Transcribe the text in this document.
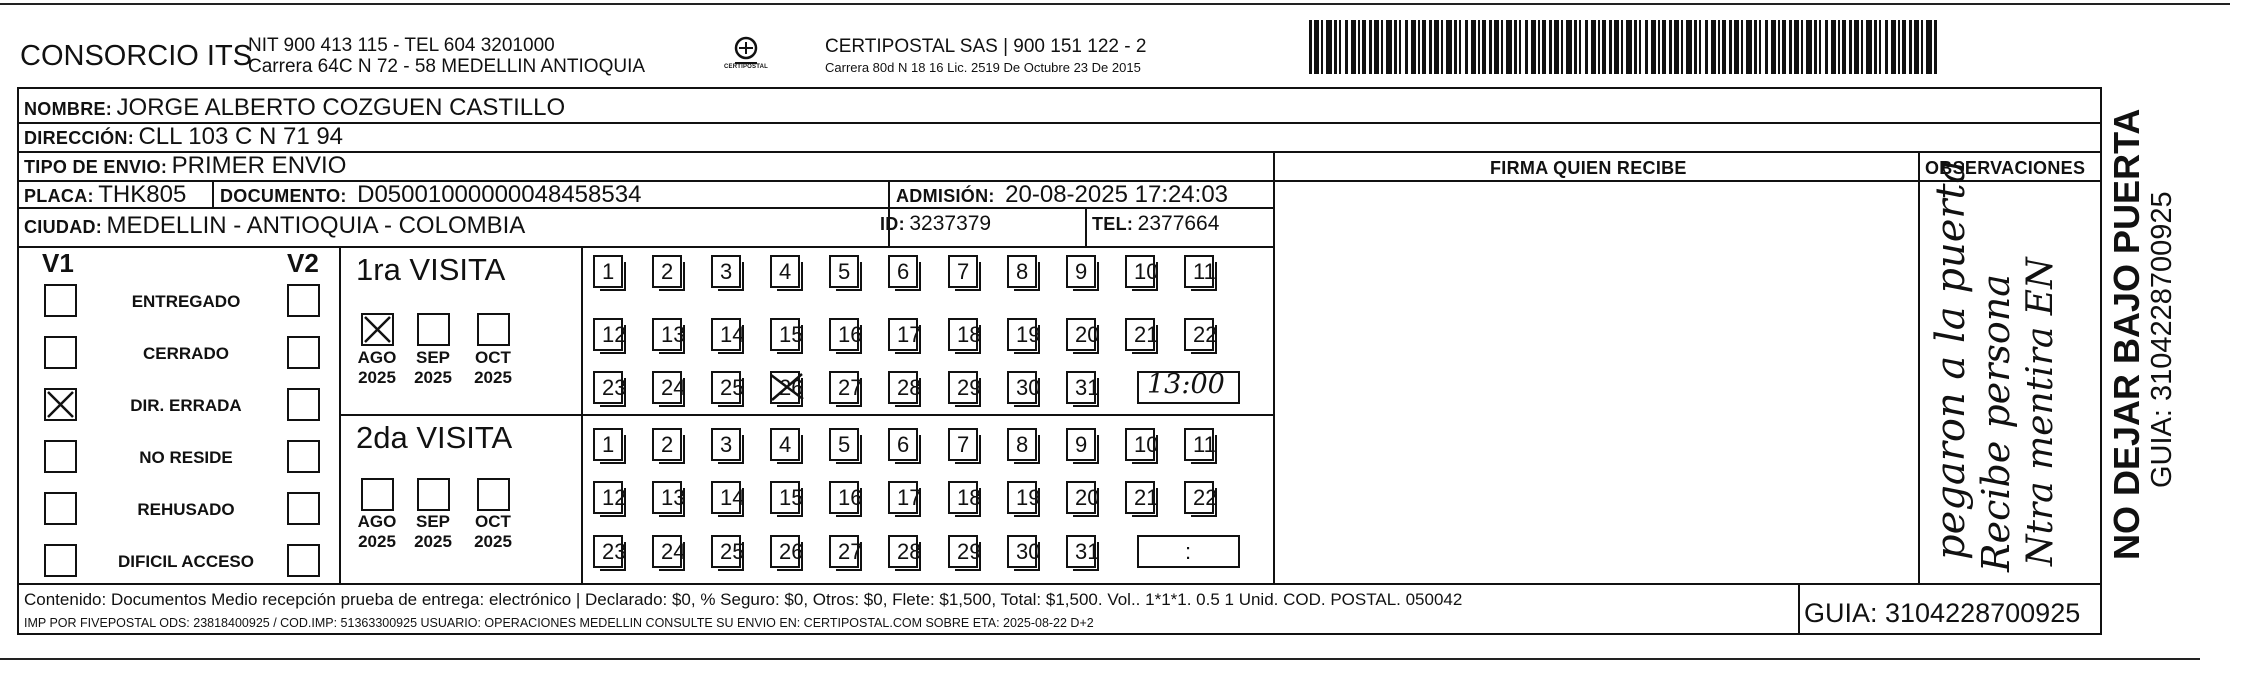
CONSORCIO ITS
NIT 900 413 115 - TEL 604 3201000
Carrera 64C N 72 - 58 MEDELLIN ANTIOQUIA	CERTIPOSTAL
CERTIPOSTAL SAS | 900 151 122 - 2
Carrera 80d N 18 16 Lic. 2519 De Octubre 23 De 2015
NOMBRE: JORGE ALBERTO COZGUEN CASTILLO
DIRECCIÓN: CLL 103 C N 71 94
TIPO DE ENVIO: PRIMER ENVIO	FIRMA QUIEN RECIBE	OBSERVACIONES
PLACA: THK805 DOCUMENTO: D05001000000048458534	ADMISIÓN: 20-08-2025 17:24:03
CIUDAD: MEDELLIN - ANTIOQUIA - COLOMBIA	ID: 3237379	TEL: 2377664
V1	V2
ENTREGADO
CERRADO
DIR. ERRADA
NO RESIDE
REHUSADO
DIFICIL ACCESO
1ra VISITA
2da VISITA
AGO
2025
SEP
2025
OCT
2025
AGO
2025
SEP
2025
OCT
2025
1	2	3	4	5	6	7	8	9	10	11
12	13	14	15	16	17	18	19	20	21	22
23	24	25	26	27	28	29	30	31
1	2	3	4	5	6	7	8	9	10	11
12	13	14	15	16	17	18	19	20	21	22
23	24	25	26	27	28	29	30	31
13:00
:	pegaron a la puerta Recibe persona Ntra mentira EN NO DEJAR BAJO PUERTA GUIA: 3104228700925
Contenido: Documentos Medio recepción prueba de entrega: electrónico | Declarado: $0, % Seguro: $0, Otros: $0, Flete: $1,500, Total: $1,500. Vol.. 1*1*1. 0.5 1 Unid. COD. POSTAL. 050042
IMP POR FIVEPOSTAL ODS: 23818400925 / COD.IMP: 51363300925 USUARIO: OPERACIONES MEDELLIN CONSULTE SU ENVIO EN: CERTIPOSTAL.COM SOBRE ETA: 2025-08-22 D+2	GUIA: 3104228700925
